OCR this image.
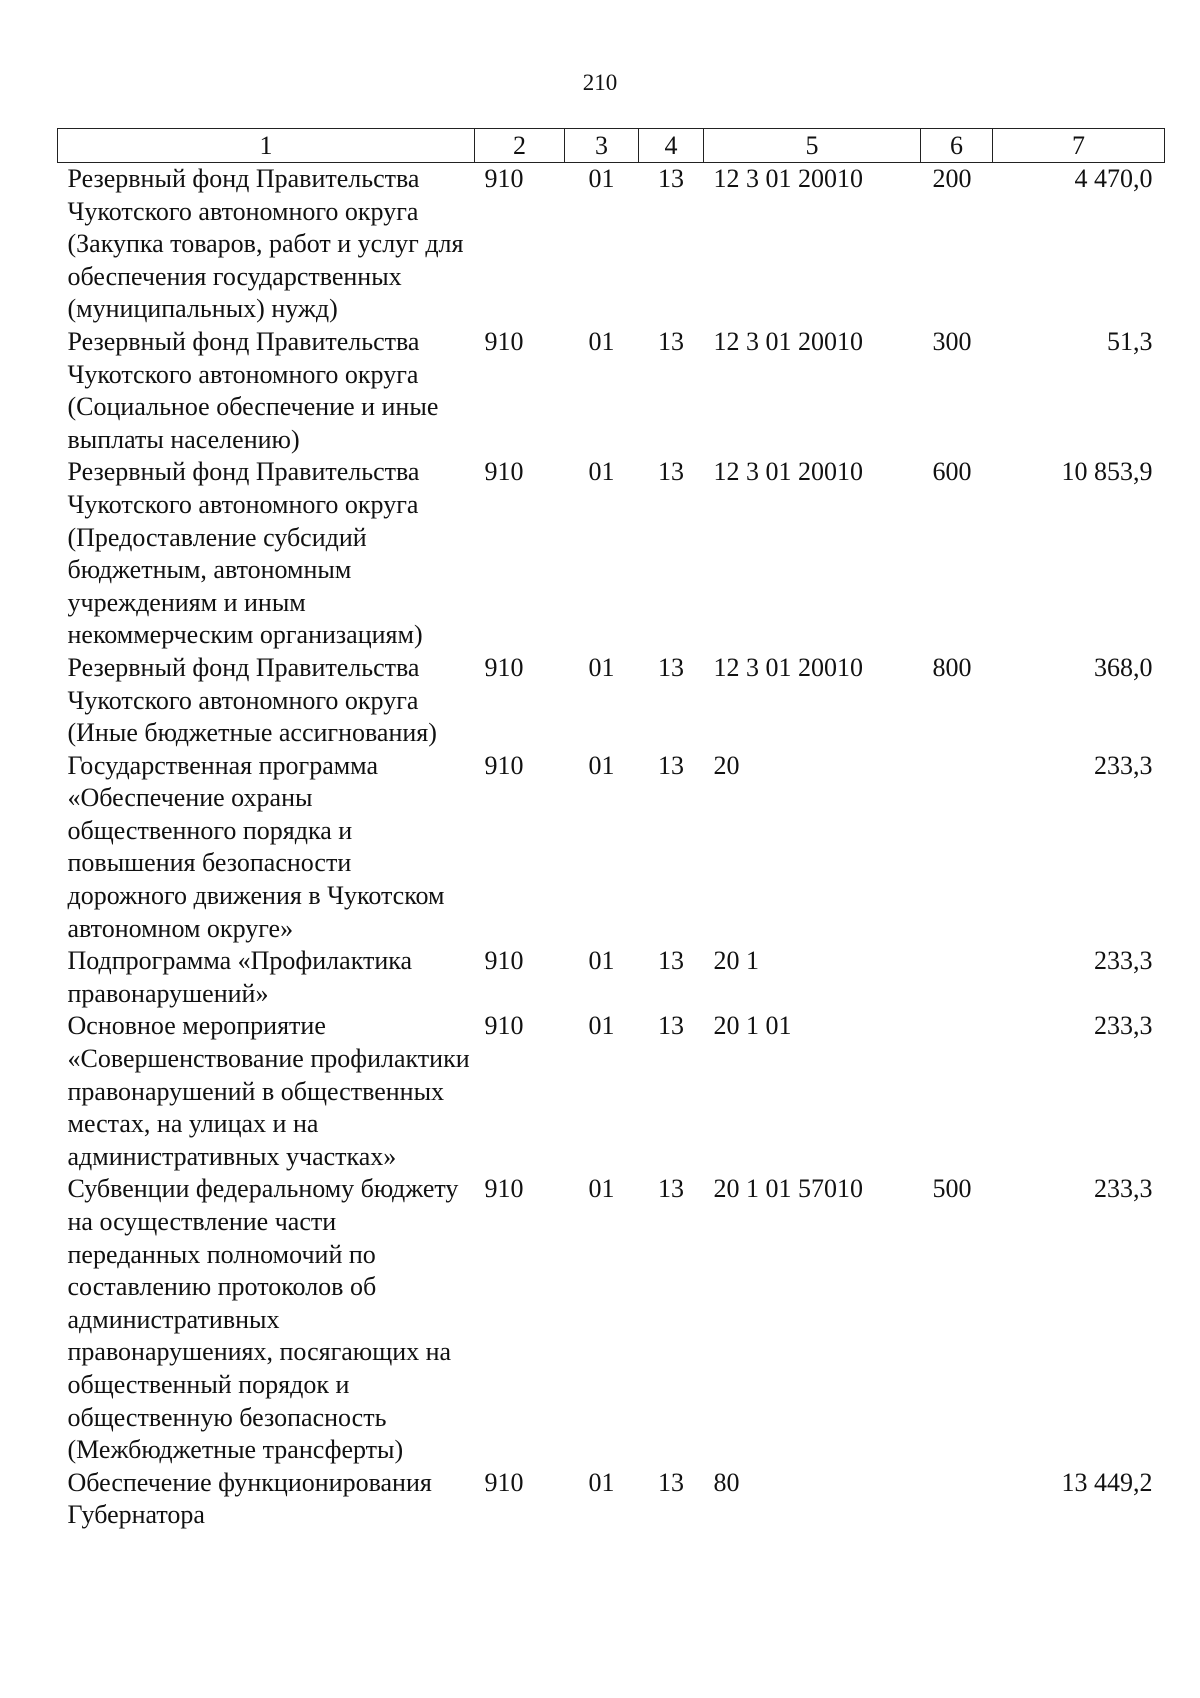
210
1	2	3	4	5	6	7
Резервный фонд Правительства Чукотского автономного округа (Закупка товаров, работ и услуг для обеспечения государственных (муниципальных) нужд)	910	01	13	12 3 01 20010	200	4 470,0
Резервный фонд Правительства Чукотского автономного округа (Социальное обеспечение и иные выплаты населению)	910	01	13	12 3 01 20010	300	51,3
Резервный фонд Правительства Чукотского автономного округа (Предоставление субсидий бюджетным, автономным учреждениям и иным некоммерческим организациям)	910	01	13	12 3 01 20010	600	10 853,9
Резервный фонд Правительства Чукотского автономного округа (Иные бюджетные ассигнования)	910	01	13	12 3 01 20010	800	368,0
Государственная программа «Обеспечение охраны общественного порядка и повышения безопасности дорожного движения в Чукотском автономном округе»	910	01	13	20		233,3
Подпрограмма «Профилактика правонарушений»	910	01	13	20 1		233,3
Основное мероприятие «Совершенствование профилактики правонарушений в общественных местах, на улицах и на административных участках»	910	01	13	20 1 01		233,3
Субвенции федеральному бюджету на осуществление части переданных полномочий по составлению протоколов об административных правонарушениях, посягающих на общественный порядок и общественную безопасность (Межбюджетные трансферты)	910	01	13	20 1 01 57010	500	233,3
Обеспечение функционирования Губернатора	910	01	13	80		13 449,2
